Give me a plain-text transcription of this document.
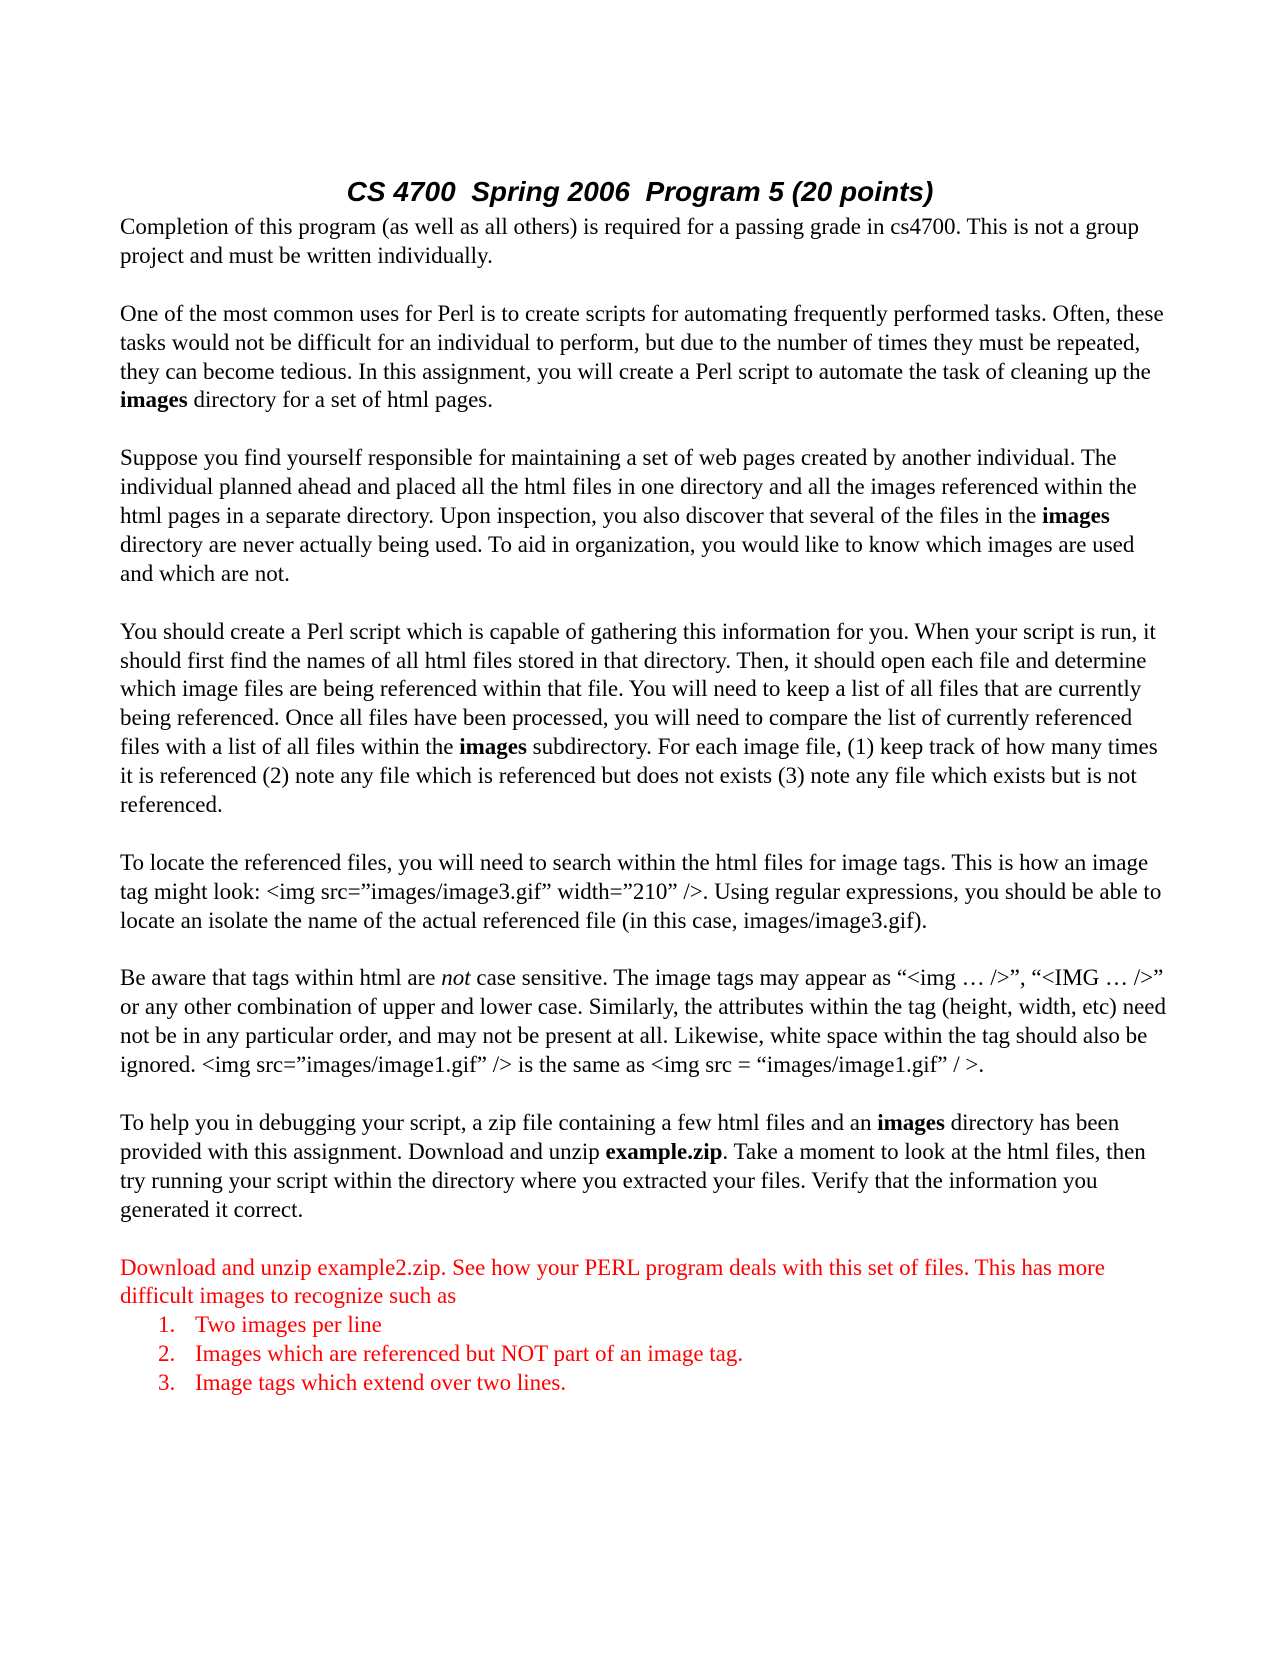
CS 4700  Spring 2006  Program 5 (20 points)

Completion of this program (as well as all others) is required for a passing grade in cs4700. This is not a group project and must be written individually.

One of the most common uses for Perl is to create scripts for automating frequently performed tasks. Often, these tasks would not be difficult for an individual to perform, but due to the number of times they must be repeated, they can become tedious. In this assignment, you will create a Perl script to automate the task of cleaning up the images directory for a set of html pages.

Suppose you find yourself responsible for maintaining a set of web pages created by another individual. The individual planned ahead and placed all the html files in one directory and all the images referenced within the html pages in a separate directory. Upon inspection, you also discover that several of the files in the images directory are never actually being used. To aid in organization, you would like to know which images are used and which are not.

You should create a Perl script which is capable of gathering this information for you. When your script is run, it should first find the names of all html files stored in that directory. Then, it should open each file and determine which image files are being referenced within that file. You will need to keep a list of all files that are currently being referenced. Once all files have been processed, you will need to compare the list of currently referenced files with a list of all files within the images subdirectory. For each image file, (1) keep track of how many times it is referenced (2) note any file which is referenced but does not exists (3) note any file which exists but is not referenced.

To locate the referenced files, you will need to search within the html files for image tags. This is how an image tag might look: <img src=”images/image3.gif” width=”210” />. Using regular expressions, you should be able to locate an isolate the name of the actual referenced file (in this case, images/image3.gif).

Be aware that tags within html are not case sensitive. The image tags may appear as “<img … />”, “<IMG … />” or any other combination of upper and lower case. Similarly, the attributes within the tag (height, width, etc) need not be in any particular order, and may not be present at all. Likewise, white space within the tag should also be ignored. <img src=”images/image1.gif” /> is the same as <img src = “images/image1.gif” / >.

To help you in debugging your script, a zip file containing a few html files and an images directory has been provided with this assignment. Download and unzip example.zip. Take a moment to look at the html files, then try running your script within the directory where you extracted your files. Verify that the information you generated it correct.

Download and unzip example2.zip. See how your PERL program deals with this set of files. This has more difficult images to recognize such as

1. Two images per line
2. Images which are referenced but NOT part of an image tag.
3. Image tags which extend over two lines.
